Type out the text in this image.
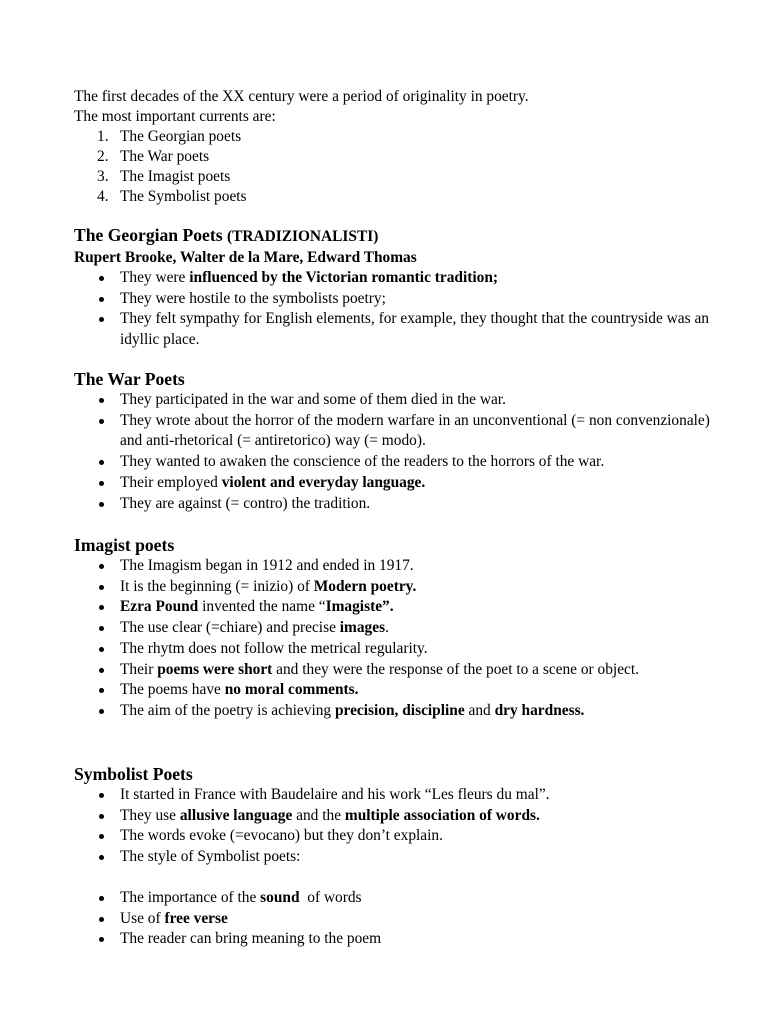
The first decades of the XX century were a period of originality in poetry.

The most important currents are:

1. The Georgian poets
2. The War poets
3. The Imagist poets
4. The Symbolist poets
The Georgian Poets (TRADIZIONALISTI)

Rupert Brooke, Walter de la Mare, Edward Thomas

They were influenced by the Victorian romantic tradition;
They were hostile to the symbolists poetry;
They felt sympathy for English elements, for example, they thought that the countryside was an idyllic place.
The War Poets
They participated in the war and some of them died in the war.
They wrote about the horror of the modern warfare in an unconventional (= non convenzionale) and anti-rhetorical (= antiretorico) way (= modo).
They wanted to awaken the conscience of the readers to the horrors of the war.
Their employed violent and everyday language.
They are against (= contro) the tradition.
Imagist poets
The Imagism began in 1912 and ended in 1917.
It is the beginning (= inizio) of Modern poetry.
Ezra Pound invented the name “Imagiste”.
The use clear (=chiare) and precise images.
The rhytm does not follow the metrical regularity.
Their poems were short and they were the response of the poet to a scene or object.
The poems have no moral comments.
The aim of the poetry is achieving precision, discipline and dry hardness.
Symbolist Poets
It started in France with Baudelaire and his work “Les fleurs du mal”.
They use allusive language and the multiple association of words.
The words evoke (=evocano) but they don’t explain.
The style of Symbolist poets:
The importance of the sound  of words
Use of free verse
The reader can bring meaning to the poem
